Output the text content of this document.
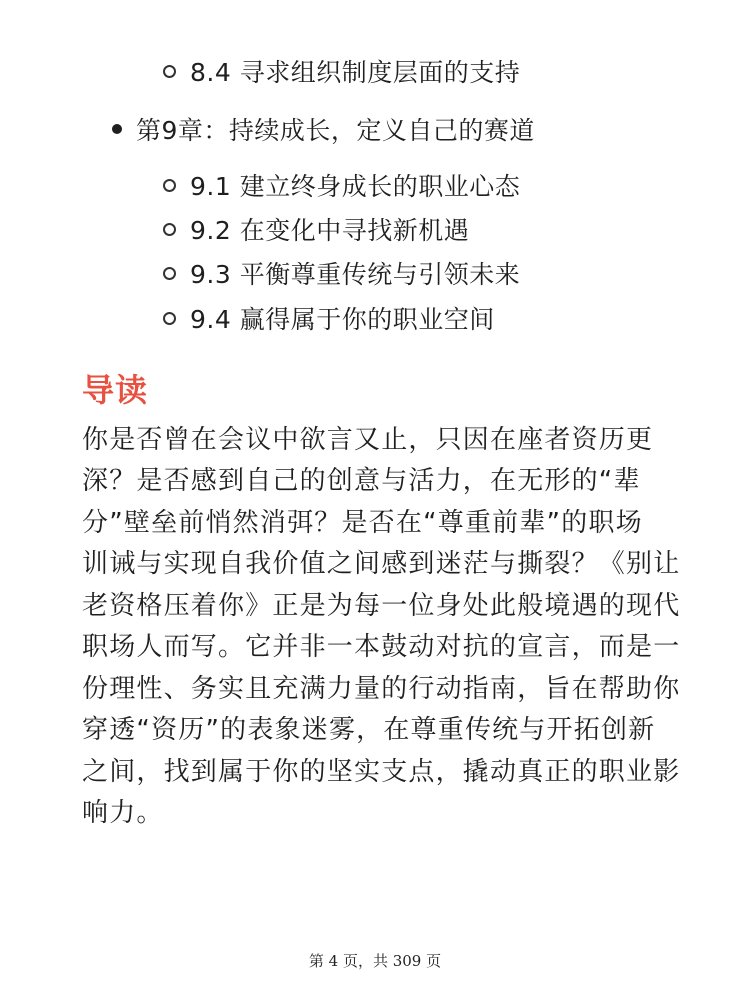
8.4 寻求组织制度层面的支持
第9章：持续成长，定义自己的赛道
9.1 建立终身成长的职业心态
9.2 在变化中寻找新机遇
9.3 平衡尊重传统与引领未来
9.4 赢得属于你的职业空间
导读
你是否曾在会议中欲言又止，只因在座者资历更
深？是否感到自己的创意与活力，在无形的“辈
分”壁垒前悄然消弭？是否在“尊重前辈”的职场
训诫与实现自我价值之间感到迷茫与撕裂？《别让
老资格压着你》正是为每一位身处此般境遇的现代
职场人而写。它并非一本鼓动对抗的宣言，而是一
份理性、务实且充满力量的行动指南，旨在帮助你
穿透“资历”的表象迷雾，在尊重传统与开拓创新
之间，找到属于你的坚实支点，撬动真正的职业影
响力。
第 4 页，共 309 页
